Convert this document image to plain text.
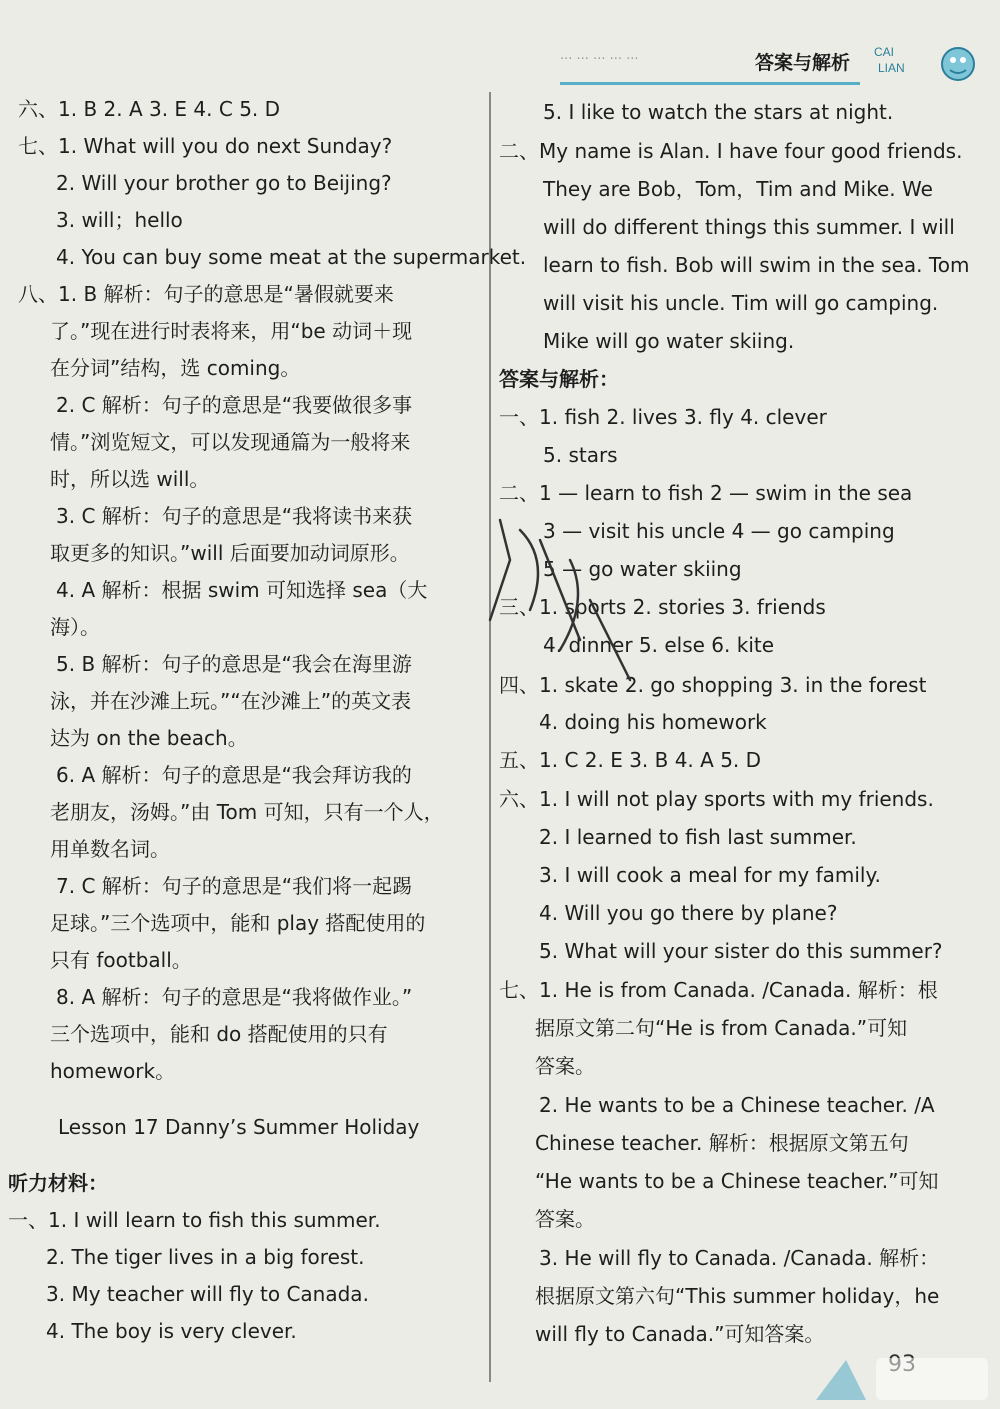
··· ··· ··· ··· ···	答案与解析 CAI
LIAN
六、1. B 2. A 3. E 4. C 5. D
七、1. What will you do next Sunday?
2. Will your brother go to Beijing?
3. will；hello
4. You can buy some meat at the supermarket.
八、1. B 解析：句子的意思是“暑假就要来
了。”现在进行时表将来，用“be 动词＋现
在分词”结构，选 coming。
2. C 解析：句子的意思是“我要做很多事
情。”浏览短文，可以发现通篇为一般将来
时，所以选 will。
3. C 解析：句子的意思是“我将读书来获
取更多的知识。”will 后面要加动词原形。
4. A 解析：根据 swim 可知选择 sea（大
海）。
5. B 解析：句子的意思是“我会在海里游
泳，并在沙滩上玩。”“在沙滩上”的英文表
达为 on the beach。
6. A 解析：句子的意思是“我会拜访我的
老朋友，汤姆。”由 Tom 可知，只有一个人，
用单数名词。
7. C 解析：句子的意思是“我们将一起踢
足球。”三个选项中，能和 play 搭配使用的
只有 football。
8. A 解析：句子的意思是“我将做作业。”
三个选项中，能和 do 搭配使用的只有
homework。
Lesson 17 Danny’s Summer Holiday
听力材料：
一、1. I will learn to fish this summer.
2. The tiger lives in a big forest.
3. My teacher will fly to Canada.
4. The boy is very clever.
5. I like to watch the stars at night.
二、My name is Alan. I have four good friends.
They are Bob，Tom，Tim and Mike. We
will do different things this summer. I will
learn to fish. Bob will swim in the sea. Tom
will visit his uncle. Tim will go camping.
Mike will go water skiing.
答案与解析：
一、1. fish 2. lives 3. fly 4. clever
5. stars
二、1 — learn to fish 2 — swim in the sea
3 — visit his uncle 4 — go camping
5 — go water skiing
三、1. sports 2. stories 3. friends
4. dinner 5. else 6. kite
四、1. skate 2. go shopping 3. in the forest
4. doing his homework
五、1. C 2. E 3. B 4. A 5. D
六、1. I will not play sports with my friends.
2. I learned to fish last summer.
3. I will cook a meal for my family.
4. Will you go there by plane?
5. What will your sister do this summer?
七、1. He is from Canada. /Canada. 解析：根
据原文第二句“He is from Canada.”可知
答案。
2. He wants to be a Chinese teacher. /A
Chinese teacher. 解析：根据原文第五句
“He wants to be a Chinese teacher.”可知
答案。
3. He will fly to Canada. /Canada. 解析：
根据原文第六句“This summer holiday，he
will fly to Canada.”可知答案。
